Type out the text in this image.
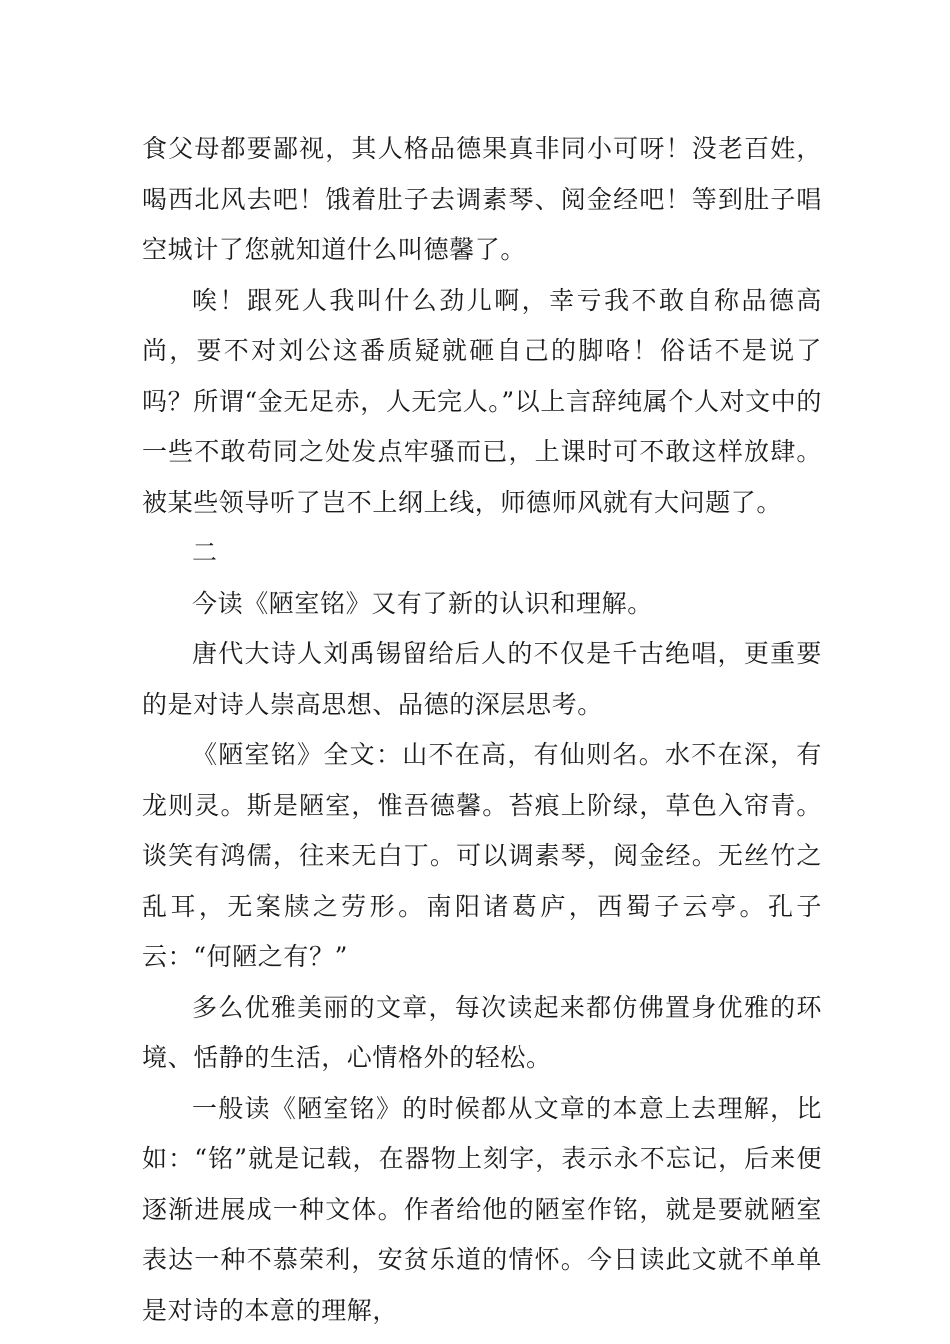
食父母都要鄙视，其人格品德果真非同小可呀！没老百姓，喝西北风去吧！饿着肚子去调素琴、阅金经吧！等到肚子唱空城计了您就知道什么叫德馨了。

唉！跟死人我叫什么劲儿啊，幸亏我不敢自称品德高尚，要不对刘公这番质疑就砸自己的脚咯！俗话不是说了吗？所谓“金无足赤，人无完人。”以上言辞纯属个人对文中的一些不敢苟同之处发点牢骚而已，上课时可不敢这样放肆。被某些领导听了岂不上纲上线，师德师风就有大问题了。

二

今读《陋室铭》又有了新的认识和理解。

唐代大诗人刘禹锡留给后人的不仅是千古绝唱，更重要的是对诗人崇高思想、品德的深层思考。

《陋室铭》全文：山不在高，有仙则名。水不在深，有龙则灵。斯是陋室，惟吾德馨。苔痕上阶绿，草色入帘青。谈笑有鸿儒，往来无白丁。可以调素琴，阅金经。无丝竹之乱耳，无案牍之劳形。南阳诸葛庐，西蜀子云亭。孔子云：“何陋之有？”

多么优雅美丽的文章，每次读起来都仿佛置身优雅的环境、恬静的生活，心情格外的轻松。

一般读《陋室铭》的时候都从文章的本意上去理解，比如：“铭”就是记载，在器物上刻字，表示永不忘记，后来便逐渐进展成一种文体。作者给他的陋室作铭，就是要就陋室表达一种不慕荣利，安贫乐道的情怀。今日读此文就不单单是对诗的本意的理解，
